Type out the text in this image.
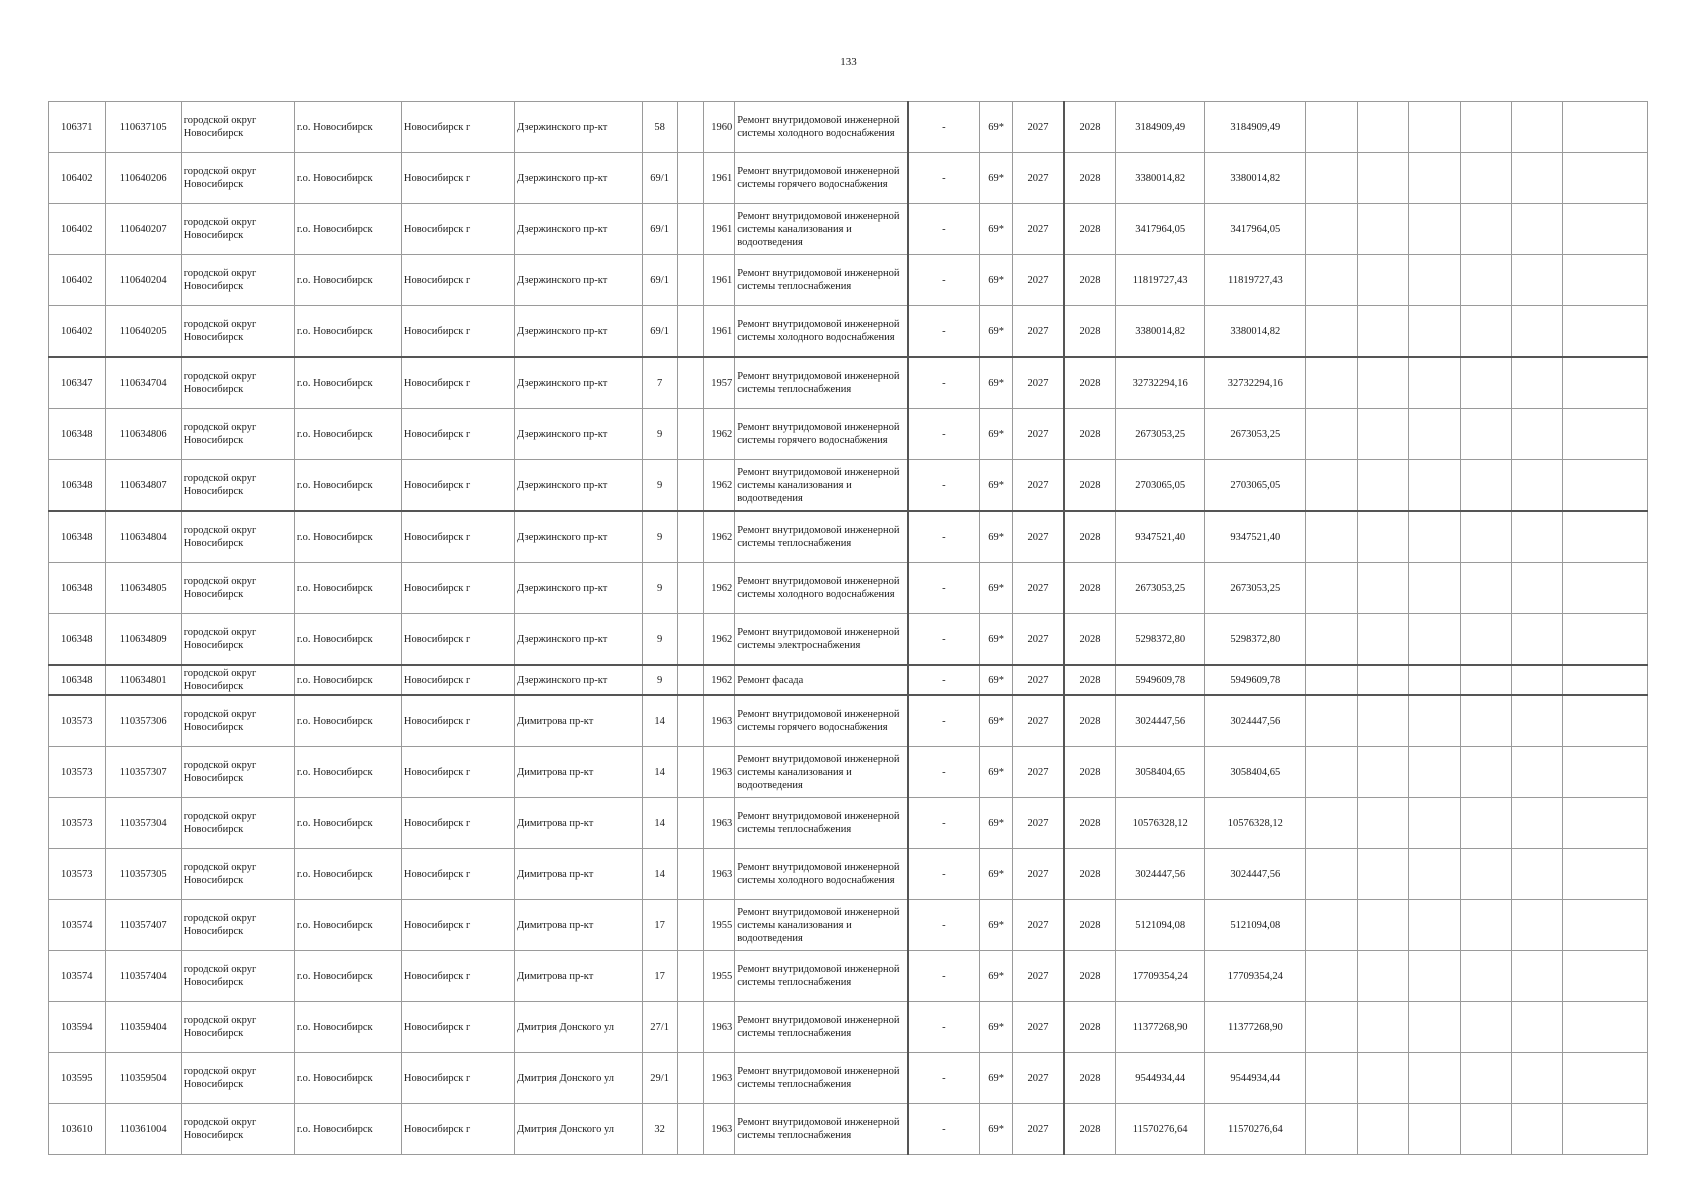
133
106371	110637105	городской округ Новосибирск	г.о. Новосибирск	Новосибирск г	Дзержинского пр-кт	58		1960	Ремонт внутридомовой инженерной системы холодного водоснабжения	-	69*	2027	2028	3184909,49	3184909,49						
106402	110640206	городской округ Новосибирск	г.о. Новосибирск	Новосибирск г	Дзержинского пр-кт	69/1		1961	Ремонт внутридомовой инженерной системы горячего водоснабжения	-	69*	2027	2028	3380014,82	3380014,82						
106402	110640207	городской округ Новосибирск	г.о. Новосибирск	Новосибирск г	Дзержинского пр-кт	69/1		1961	Ремонт внутридомовой инженерной системы канализования и водоотведения	-	69*	2027	2028	3417964,05	3417964,05						
106402	110640204	городской округ Новосибирск	г.о. Новосибирск	Новосибирск г	Дзержинского пр-кт	69/1		1961	Ремонт внутридомовой инженерной системы теплоснабжения	-	69*	2027	2028	11819727,43	11819727,43						
106402	110640205	городской округ Новосибирск	г.о. Новосибирск	Новосибирск г	Дзержинского пр-кт	69/1		1961	Ремонт внутридомовой инженерной системы холодного водоснабжения	-	69*	2027	2028	3380014,82	3380014,82						
106347	110634704	городской округ Новосибирск	г.о. Новосибирск	Новосибирск г	Дзержинского пр-кт	7		1957	Ремонт внутридомовой инженерной системы теплоснабжения	-	69*	2027	2028	32732294,16	32732294,16						
106348	110634806	городской округ Новосибирск	г.о. Новосибирск	Новосибирск г	Дзержинского пр-кт	9		1962	Ремонт внутридомовой инженерной системы горячего водоснабжения	-	69*	2027	2028	2673053,25	2673053,25						
106348	110634807	городской округ Новосибирск	г.о. Новосибирск	Новосибирск г	Дзержинского пр-кт	9		1962	Ремонт внутридомовой инженерной системы канализования и водоотведения	-	69*	2027	2028	2703065,05	2703065,05						
106348	110634804	городской округ Новосибирск	г.о. Новосибирск	Новосибирск г	Дзержинского пр-кт	9		1962	Ремонт внутридомовой инженерной системы теплоснабжения	-	69*	2027	2028	9347521,40	9347521,40						
106348	110634805	городской округ Новосибирск	г.о. Новосибирск	Новосибирск г	Дзержинского пр-кт	9		1962	Ремонт внутридомовой инженерной системы холодного водоснабжения	-	69*	2027	2028	2673053,25	2673053,25						
106348	110634809	городской округ Новосибирск	г.о. Новосибирск	Новосибирск г	Дзержинского пр-кт	9		1962	Ремонт внутридомовой инженерной системы электроснабжения	-	69*	2027	2028	5298372,80	5298372,80						
106348	110634801	городской округ Новосибирск	г.о. Новосибирск	Новосибирск г	Дзержинского пр-кт	9		1962	Ремонт фасада	-	69*	2027	2028	5949609,78	5949609,78						
103573	110357306	городской округ Новосибирск	г.о. Новосибирск	Новосибирск г	Димитрова пр-кт	14		1963	Ремонт внутридомовой инженерной системы горячего водоснабжения	-	69*	2027	2028	3024447,56	3024447,56						
103573	110357307	городской округ Новосибирск	г.о. Новосибирск	Новосибирск г	Димитрова пр-кт	14		1963	Ремонт внутридомовой инженерной системы канализования и водоотведения	-	69*	2027	2028	3058404,65	3058404,65						
103573	110357304	городской округ Новосибирск	г.о. Новосибирск	Новосибирск г	Димитрова пр-кт	14		1963	Ремонт внутридомовой инженерной системы теплоснабжения	-	69*	2027	2028	10576328,12	10576328,12						
103573	110357305	городской округ Новосибирск	г.о. Новосибирск	Новосибирск г	Димитрова пр-кт	14		1963	Ремонт внутридомовой инженерной системы холодного водоснабжения	-	69*	2027	2028	3024447,56	3024447,56						
103574	110357407	городской округ Новосибирск	г.о. Новосибирск	Новосибирск г	Димитрова пр-кт	17		1955	Ремонт внутридомовой инженерной системы канализования и водоотведения	-	69*	2027	2028	5121094,08	5121094,08						
103574	110357404	городской округ Новосибирск	г.о. Новосибирск	Новосибирск г	Димитрова пр-кт	17		1955	Ремонт внутридомовой инженерной системы теплоснабжения	-	69*	2027	2028	17709354,24	17709354,24						
103594	110359404	городской округ Новосибирск	г.о. Новосибирск	Новосибирск г	Дмитрия Донского ул	27/1		1963	Ремонт внутридомовой инженерной системы теплоснабжения	-	69*	2027	2028	11377268,90	11377268,90						
103595	110359504	городской округ Новосибирск	г.о. Новосибирск	Новосибирск г	Дмитрия Донского ул	29/1		1963	Ремонт внутридомовой инженерной системы теплоснабжения	-	69*	2027	2028	9544934,44	9544934,44						
103610	110361004	городской округ Новосибирск	г.о. Новосибирск	Новосибирск г	Дмитрия Донского ул	32		1963	Ремонт внутридомовой инженерной системы теплоснабжения	-	69*	2027	2028	11570276,64	11570276,64						
